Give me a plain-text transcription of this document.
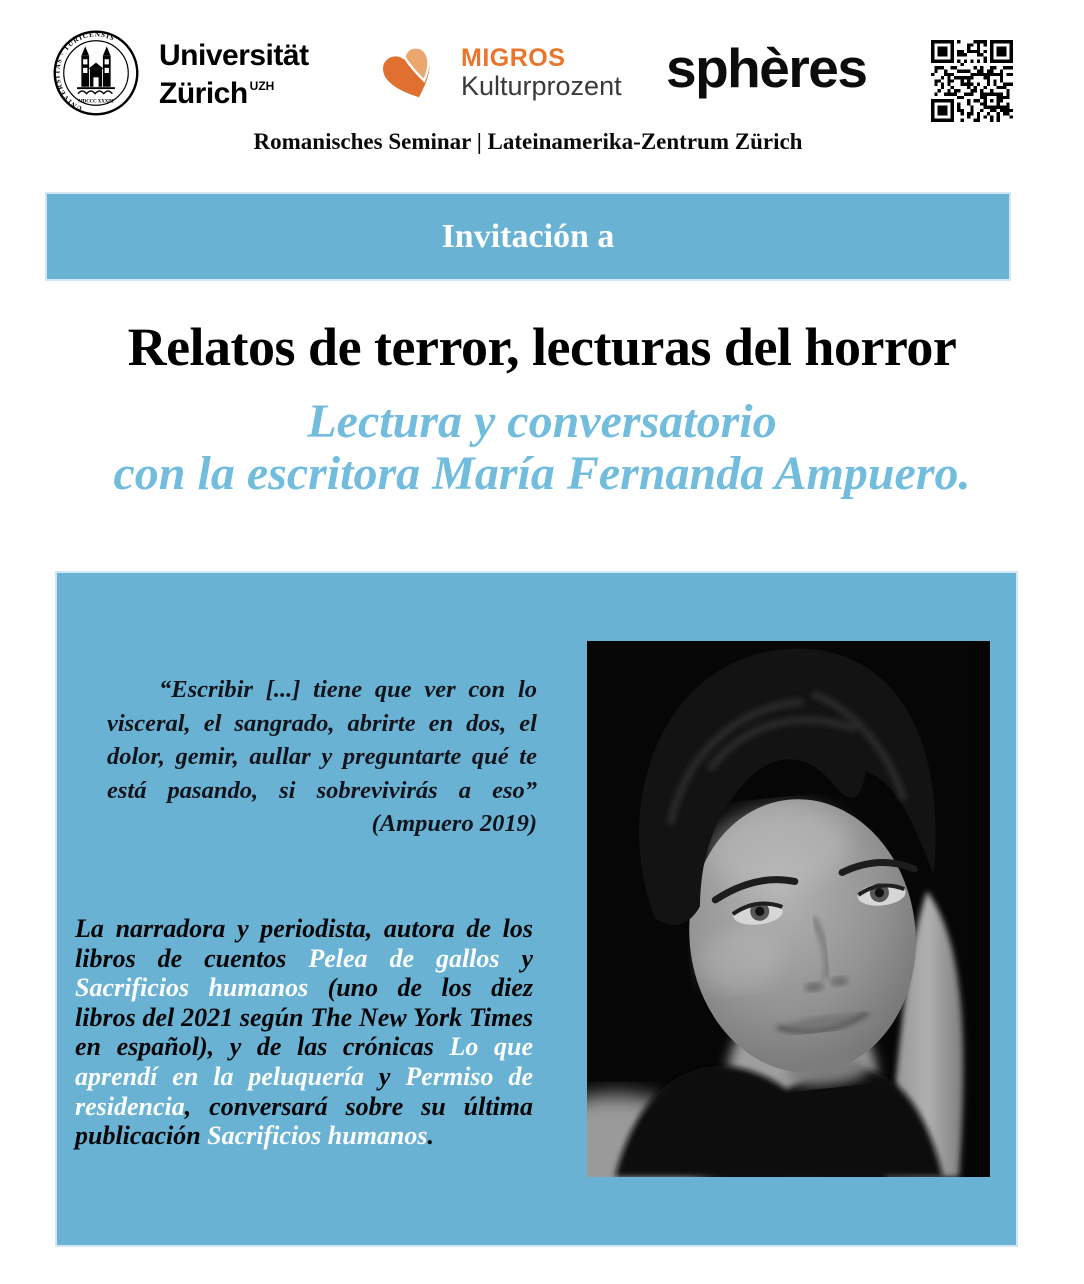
UNIVERSITAS · TURICENSIS
MDCCC XXXIII
Universität
Zürich $^{UZH}$
MIGROS
Kulturprozent sphères
Romanisches Seminar | Lateinamerika-Zentrum Zürich
Invitación a
Relatos de terror, lecturas del horror
Lectura y conversatorio
con la escritora María Fernanda Ampuero.

“Escribir [...] tiene que ver con lo visceral, el sangrado, abrirte en dos, el dolor, gemir, aullar y preguntarte qué te está pasando, si sobrevivirás a eso”

(Ampuero 2019)
La narradora y periodista, autora de los libros de cuentos Pelea de gallos y Sacrificios humanos (uno de los diez libros del 2021 según The New York Times en español), y de las crónicas Lo que aprendí en la peluquería y Permiso de residencia, conversará sobre su última publicación Sacrificios humanos.
